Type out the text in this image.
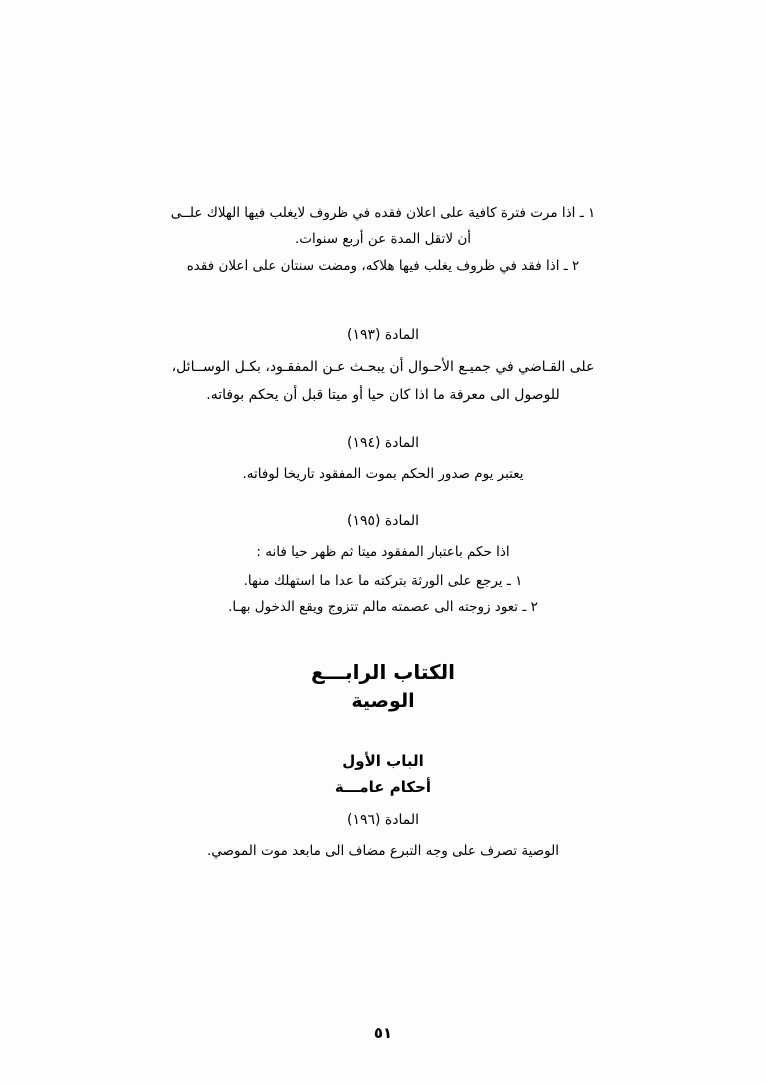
١ ـ اذا مرت فترة كافية على اعلان فقده في ظروف لايغلب فيها الهلاك علــى

أن لاتقل المدة عن أربع سنوات.

٢ ـ اذا فقد في ظروف يغلب فيها هلاكه، ومضت سنتان على اعلان فقده

المادة (١٩٣)

على القـاضي في جميـع الأحـوال أن يبحـث عـن المفقـود، بكـل الوســائل،

للوصول الى معرفة ما اذا كان حيا أو ميتا قبل أن يحكم بوفاته.

المادة (١٩٤)

يعتبر يوم صدور الحكم بموت المفقود تاريخا لوفاته.

المادة (١٩٥)

اذا حكم باعتبار المفقود ميتا ثم ظهر حيا فانه :

١ ـ يرجع على الورثة بتركته ما عدا ما استهلك منها.

٢ ـ تعود زوجته الى عصمته مالم تتزوج ويقع الدخول بهـا.

الكتاب الرابـــع
الوصية
الباب الأول
أحكام عامـــة

المادة (١٩٦)

الوصية تصرف على وجه التبرع مضاف الى مابعد موت الموصي.

٥١
